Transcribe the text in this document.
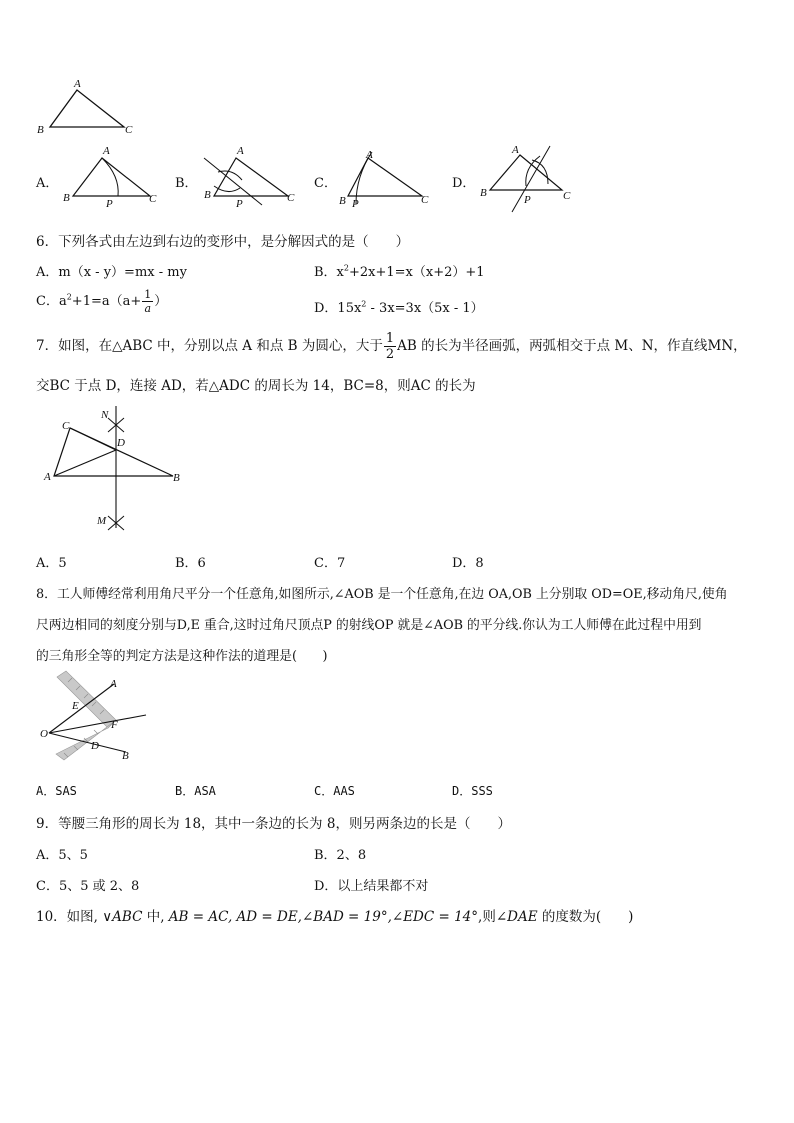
A
B	C
A．
A
B	C
P
B．
A
B	C
P
C．
A
B	C
P
D．
A
B	C
P
6．下列各式由左边到右边的变形中，是分解因式的是（　　）
A．m（x - y）=mx - my	B．$x^2+2x+1=x(x+2)+1$
C．$a^2+1=a(a+ \frac{1}{a}$ ）	D．$15x^2 - 3x=3x(5x - 1)$
7．如图，在△ABC 中，分别以点 A 和点 B 为圆心，大于 $\frac{1}{2}$ AB 的长为半径画弧，两弧相交于点 M、N，作直线MN，
交BC 于点 D，连接 AD，若△ADC 的周长为 14，BC=8，则AC 的长为
C
N
D
A	B
M
A．5	B．6	C．7	D．8
8．工人师傅经常利用角尺平分一个任意角,如图所示,∠AOB 是一个任意角,在边 OA,OB 上分别取 OD=OE,移动角尺,使角
尺两边相同的刻度分别与D,E 重合,这时过角尺顶点P 的射线OP 就是∠AOB 的平分线.你认为工人师傅在此过程中用到
的三角形全等的判定方法是这种作法的道理是(　　)
A
E
F
O
D
B
A．SAS	B．ASA	C．AAS	D．SSS
9．等腰三角形的周长为 18，其中一条边的长为 8，则另两条边的长是（　　）
A．5、5	B．2、8
C．5、5 或 2、8	D．以上结果都不对
10．如图, ∨ABC 中, AB = AC, AD = DE,∠BAD = 19°,∠EDC = 14°,则∠DAE 的度数为(　　)
